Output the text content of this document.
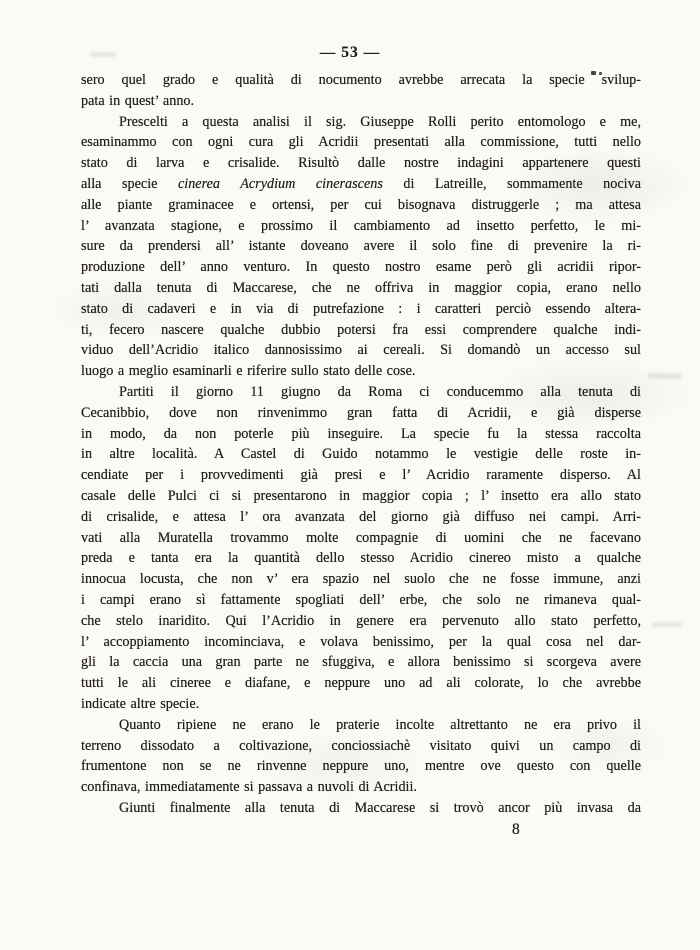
— 53 —
sero quel grado e qualità di nocumento avrebbe arrecata la specie svilup-
pata in quest’ anno.
Prescelti a questa analisi il sig. Giuseppe Rolli perito entomologo e me,
esaminammo con ogni cura gli Acridii presentati alla commissione, tutti nello
stato di larva e crisalide. Risultò dalle nostre indagini appartenere questi
alla specie cinerea Acrydium cinerascens di Latreille, sommamente nociva
alle piante graminacee e ortensi, per cui bisognava distruggerle ; ma attesa
l’ avanzata stagione, e prossimo il cambiamento ad insetto perfetto, le mi-
sure da prendersi all’ istante doveano avere il solo fine di prevenire la ri-
produzione dell’ anno venturo. In questo nostro esame però gli acridii ripor-
tati dalla tenuta di Maccarese, che ne offriva in maggior copia, erano nello
stato di cadaveri e in via di putrefazione : i caratteri perciò essendo altera-
ti, fecero nascere qualche dubbio potersi fra essi comprendere qualche indi-
viduo dell’Acridio italico dannosissimo ai cereali. Si domandò un accesso sul
luogo a meglio esaminarli e riferire sullo stato delle cose.
Partiti il giorno 11 giugno da Roma ci conducemmo alla tenuta di
Cecanibbio, dove non rinvenimmo gran fatta di Acridii, e già disperse
in modo, da non poterle più inseguire. La specie fu la stessa raccolta
in altre località. A Castel di Guido notammo le vestigie delle roste in-
cendiate per i provvedimenti già presi e l’ Acridio raramente disperso. Al
casale delle Pulci ci si presentarono in maggior copia ; l’ insetto era allo stato
di crisalide, e attesa l’ ora avanzata del giorno già diffuso nei campi. Arri-
vati alla Muratella trovammo molte compagnie di uomini che ne facevano
preda e tanta era la quantità dello stesso Acridio cinereo misto a qualche
innocua locusta, che non v’ era spazio nel suolo che ne fosse immune, anzi
i campi erano sì fattamente spogliati dell’ erbe, che solo ne rimaneva qual-
che stelo inaridito. Qui l’Acridio in genere era pervenuto allo stato perfetto,
l’ accoppiamento incominciava, e volava benissimo, per la qual cosa nel dar-
gli la caccia una gran parte ne sfuggiva, e allora benissimo si scorgeva avere
tutti le ali cineree e diafane, e neppure uno ad ali colorate, lo che avrebbe
indicate altre specie.
Quanto ripiene ne erano le praterie incolte altrettanto ne era privo il
terreno dissodato a coltivazione, conciossiachè visitato quivi un campo di
frumentone non se ne rinvenne neppure uno, mentre ove questo con quelle
confinava, immediatamente si passava a nuvoli di Acridii.
Giunti finalmente alla tenuta di Maccarese si trovò ancor più invasa da
8
